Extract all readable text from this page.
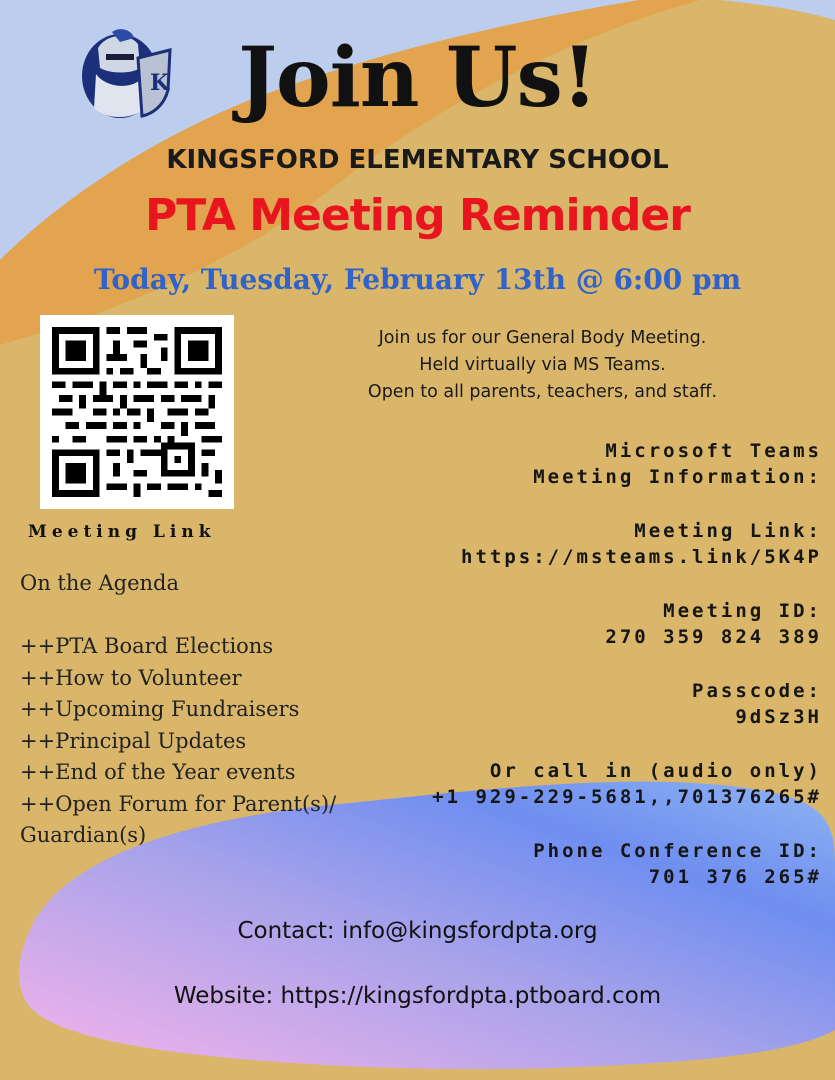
K Join Us!
KINGSFORD ELEMENTARY SCHOOL
PTA Meeting Reminder
Today, Tuesday, February 13th @ 6:00 pm
Meeting Link
Join us for our General Body Meeting.
Held virtually via MS Teams.
Open to all parents, teachers, and staff.
On the Agenda
++PTA Board Elections
++How to Volunteer
++Upcoming Fundraisers
++Principal Updates
++End of the Year events
++Open Forum for Parent(s)/
Guardian(s)
Microsoft Teams
Meeting Information:
Meeting Link:
https://msteams.link/5K4P
Meeting ID:
270 359 824 389
Passcode:
9dSz3H
Or call in (audio only)
+1 929-229-5681,,701376265#
Phone Conference ID:
701 376 265#
Contact: info@kingsfordpta.org
Website: https://kingsfordpta.ptboard.com
